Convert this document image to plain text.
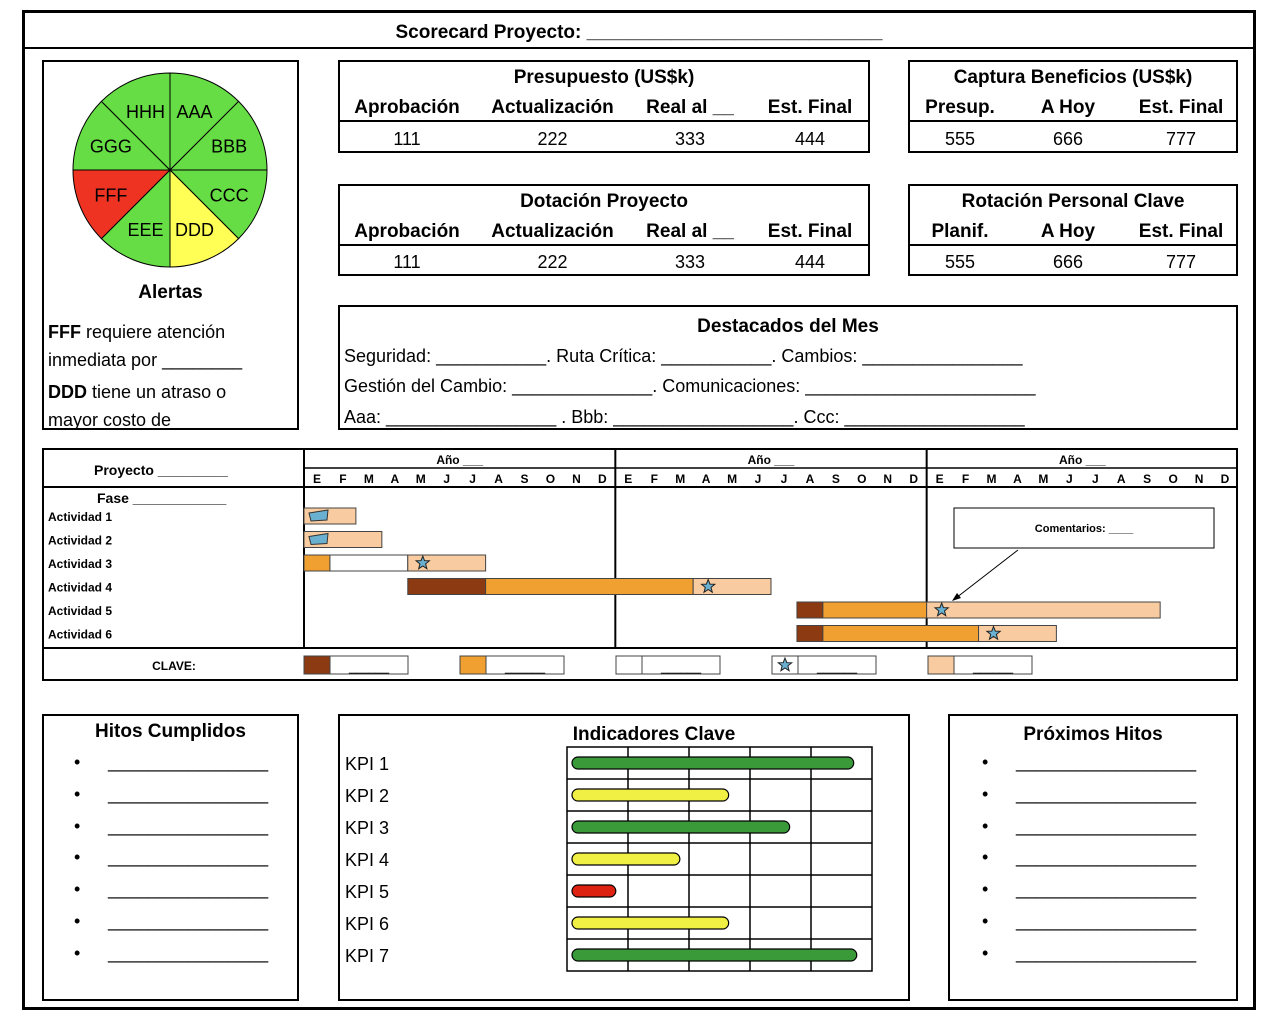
Scorecard Proyecto: ____________________________
AAA
BBB
CCC
DDD
EEE
FFF
GGG
HHH
Alertas
FFF requiere atención
inmediata por ________
DDD tiene un atraso o
mayor costo de _____
Presupuesto (US$k)
Aprobación	Actualización	Real al __	Est. Final
111	222	333	444
Captura Beneficios (US$k)
Presup.	A Hoy	Est. Final
555	666	777
Dotación Proyecto
Aprobación	Actualización	Real al __	Est. Final
111	222	333	444
Rotación Personal Clave
Planif.	A Hoy	Est. Final
555	666	777
Destacados del Mes
Seguridad: ___________. Ruta Crítica: ___________. Cambios: ________________
Gestión del Cambio: ______________. Comunicaciones: _______________________
Aaa: _________________ . Bbb: __________________. Ccc: __________________
Proyecto _________
Fase ____________
Año ___
E F M A M J J A S O N D
Año ___
E F M A M J J A S O N D
Año ___
E F M A M J J A S O N D
Actividad 1
Actividad 2
Actividad 3
Actividad 4
Actividad 5
Actividad 6
Comentarios: ____
CLAVE:	______	______	______	______	______
Hitos Cumplidos
• ________________
• ________________
• ________________
• ________________
• ________________
• ________________
• ________________
Indicadores Clave
KPI 1
KPI 2
KPI 3
KPI 4
KPI 5
KPI 6
KPI 7
Próximos Hitos
• __________________
• __________________
• __________________
• __________________
• __________________
• __________________
• __________________
